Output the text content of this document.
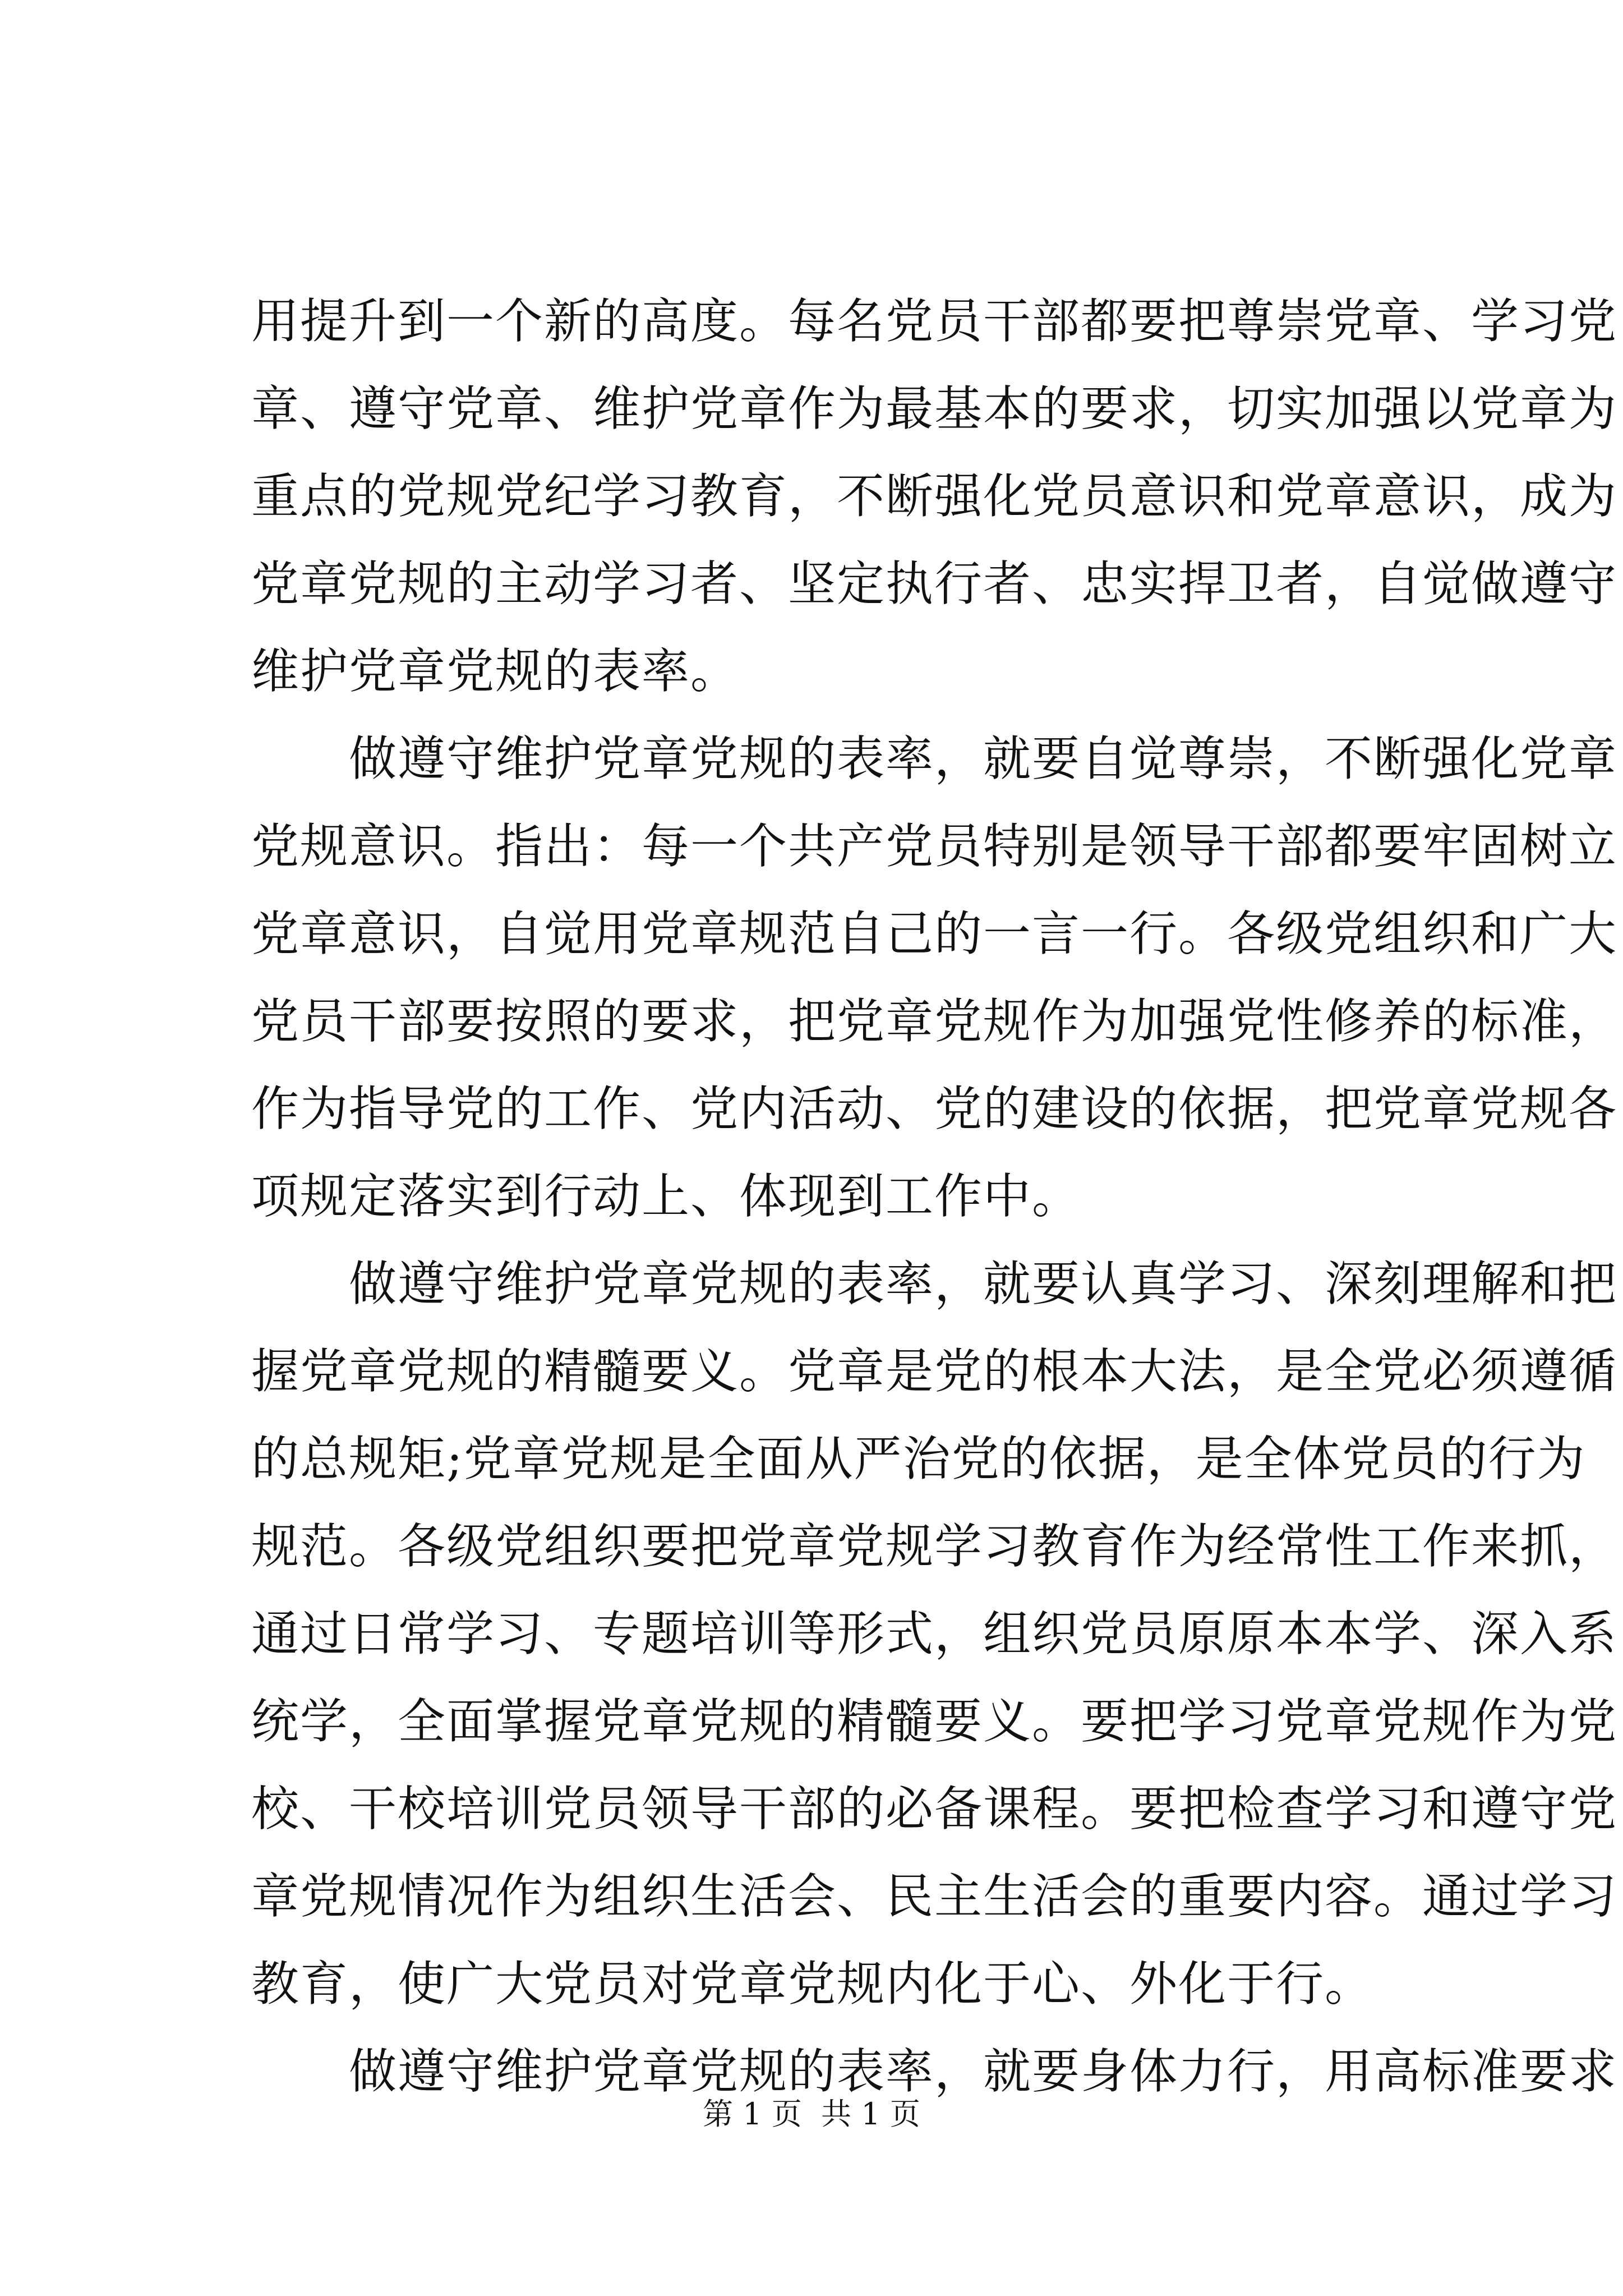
用提升到一个新的高度。每名党员干部都要把尊崇党章、学习党
章、遵守党章、维护党章作为最基本的要求，切实加强以党章为
重点的党规党纪学习教育，不断强化党员意识和党章意识，成为
党章党规的主动学习者、坚定执行者、忠实捍卫者，自觉做遵守
维护党章党规的表率。
　　做遵守维护党章党规的表率，就要自觉尊崇，不断强化党章
党规意识。指出：每一个共产党员特别是领导干部都要牢固树立
党章意识，自觉用党章规范自己的一言一行。各级党组织和广大
党员干部要按照的要求，把党章党规作为加强党性修养的标准，
作为指导党的工作、党内活动、党的建设的依据，把党章党规各
项规定落实到行动上、体现到工作中。
　　做遵守维护党章党规的表率，就要认真学习、深刻理解和把
握党章党规的精髓要义。党章是党的根本大法，是全党必须遵循
的总规矩;党章党规是全面从严治党的依据，是全体党员的行为
规范。各级党组织要把党章党规学习教育作为经常性工作来抓，
通过日常学习、专题培训等形式，组织党员原原本本学、深入系
统学，全面掌握党章党规的精髓要义。要把学习党章党规作为党
校、干校培训党员领导干部的必备课程。要把检查学习和遵守党
章党规情况作为组织生活会、民主生活会的重要内容。通过学习
教育，使广大党员对党章党规内化于心、外化于行。
　　做遵守维护党章党规的表率，就要身体力行，用高标准要求
第 1 页  共 1 页
